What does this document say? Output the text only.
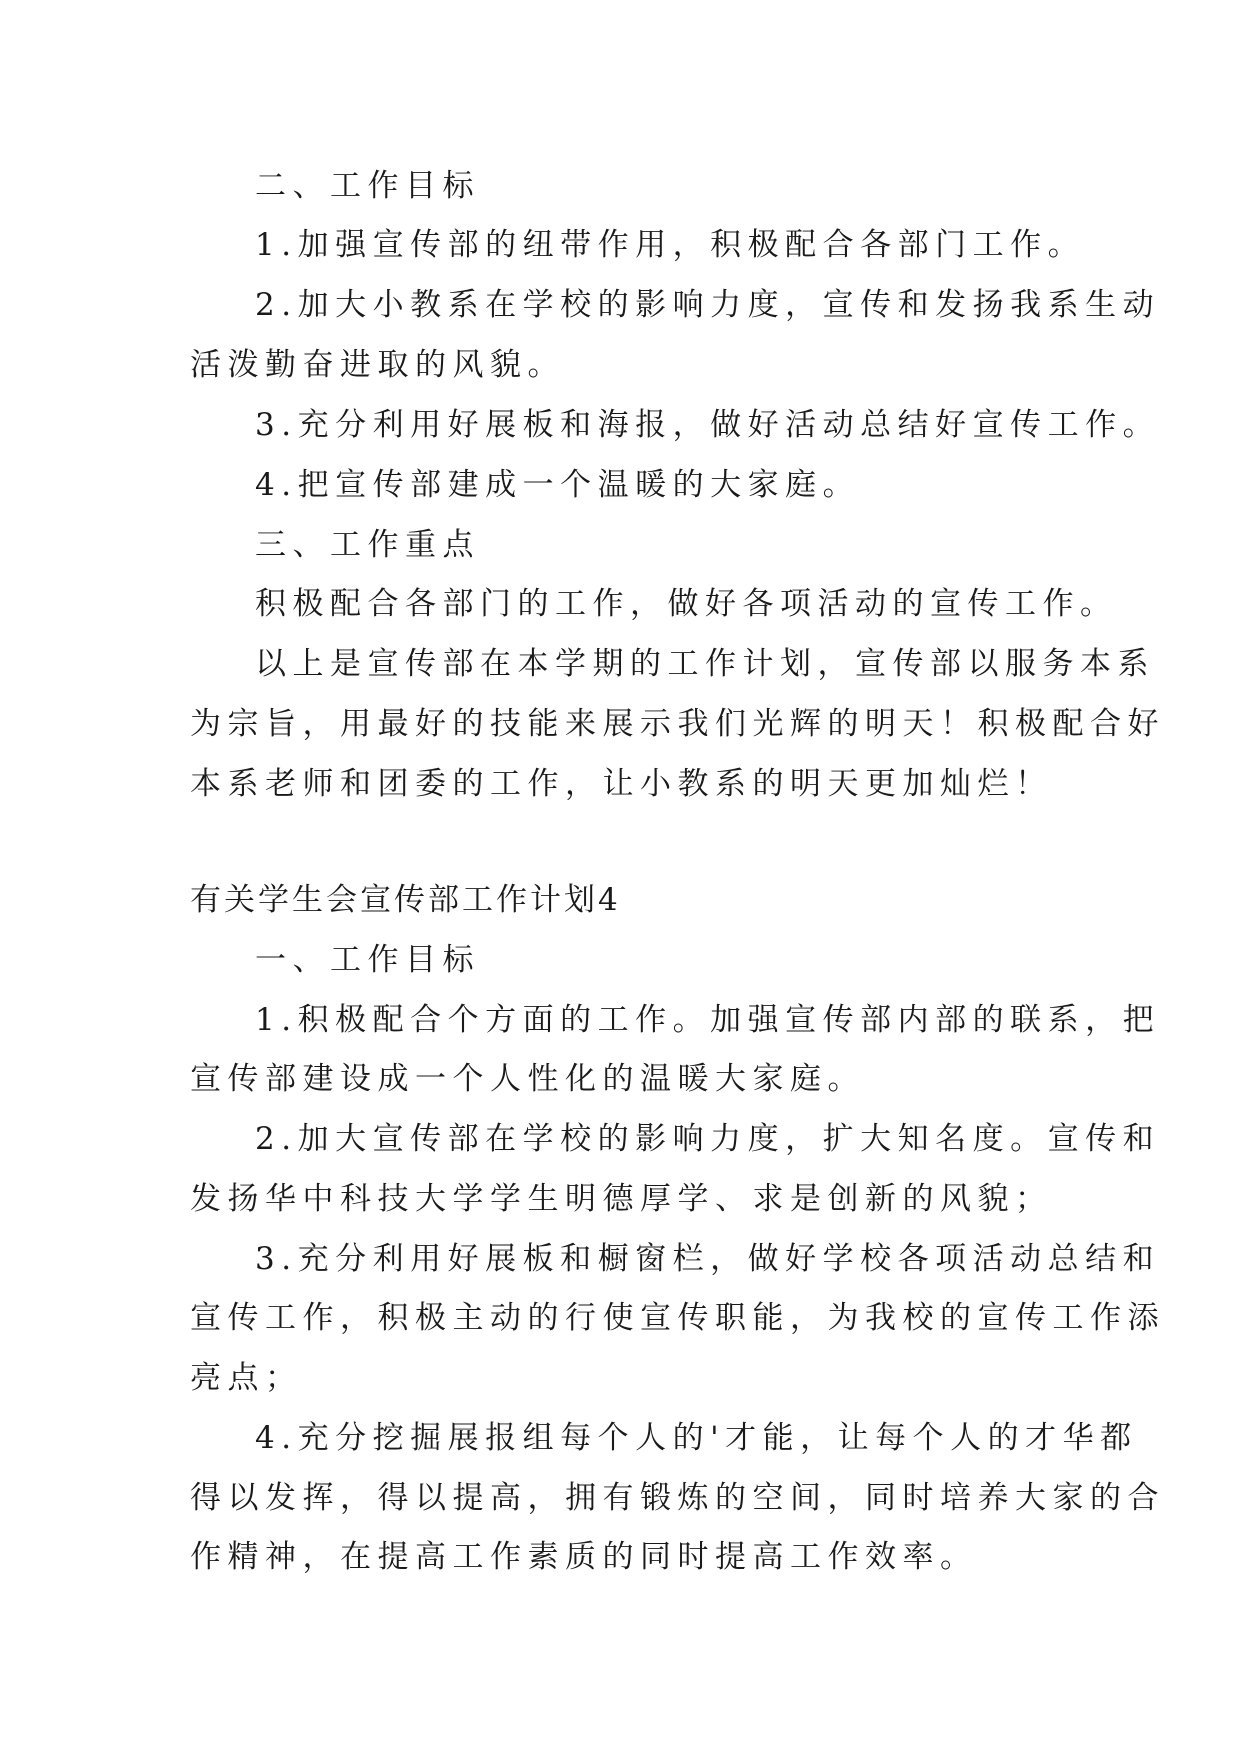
二、工作目标
1.加强宣传部的纽带作用，积极配合各部门工作。
2.加大小教系在学校的影响力度，宣传和发扬我系生动
活泼勤奋进取的风貌。
3.充分利用好展板和海报，做好活动总结好宣传工作。
4.把宣传部建成一个温暖的大家庭。
三、工作重点
积极配合各部门的工作，做好各项活动的宣传工作。
以上是宣传部在本学期的工作计划，宣传部以服务本系
为宗旨，用最好的技能来展示我们光辉的明天！积极配合好
本系老师和团委的工作，让小教系的明天更加灿烂！
有关学生会宣传部工作计划4
一、工作目标
1.积极配合个方面的工作。加强宣传部内部的联系，把
宣传部建设成一个人性化的温暖大家庭。
2.加大宣传部在学校的影响力度，扩大知名度。宣传和
发扬华中科技大学学生明德厚学、求是创新的风貌；
3.充分利用好展板和橱窗栏，做好学校各项活动总结和
宣传工作，积极主动的行使宣传职能，为我校的宣传工作添
亮点；
4.充分挖掘展报组每个人的'才能，让每个人的才华都
得以发挥，得以提高，拥有锻炼的空间，同时培养大家的合
作精神，在提高工作素质的同时提高工作效率。
